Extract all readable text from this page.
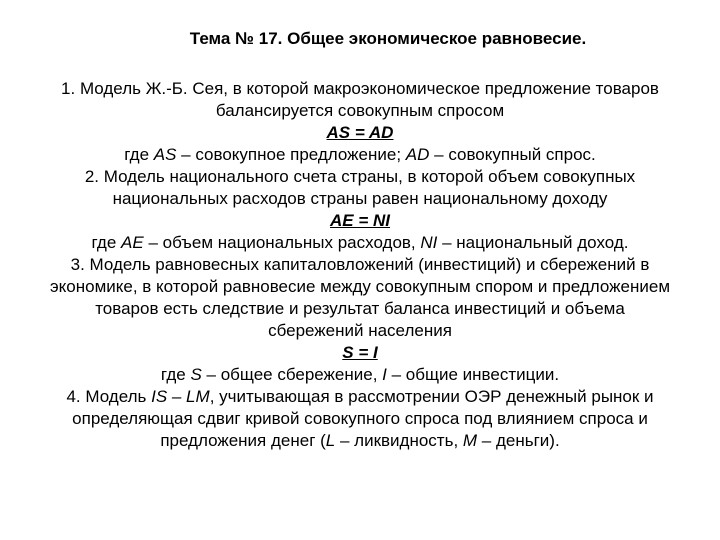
Тема № 17. Общее экономическое равновесие.
1. Модель Ж.-Б. Сея, в которой макроэкономическое предложение товаров
балансируется совокупным спросом
AS = AD
где AS – совокупное предложение; AD – совокупный спрос.
2. Модель национального счета страны, в которой объем совокупных
национальных расходов страны равен национальному доходу
AE = NI
где AE – объем национальных расходов, NI – национальный доход.
3. Модель равновесных капиталовложений (инвестиций) и сбережений в
экономике, в которой равновесие между совокупным спором и предложением
товаров есть следствие и результат баланса инвестиций и объема
сбережений населения
S = I
где S – общее сбережение, I – общие инвестиции.
4. Модель IS – LM, учитывающая в рассмотрении ОЭР денежный рынок и
определяющая сдвиг кривой совокупного спроса под влиянием спроса и
предложения денег (L – ликвидность, M – деньги).
